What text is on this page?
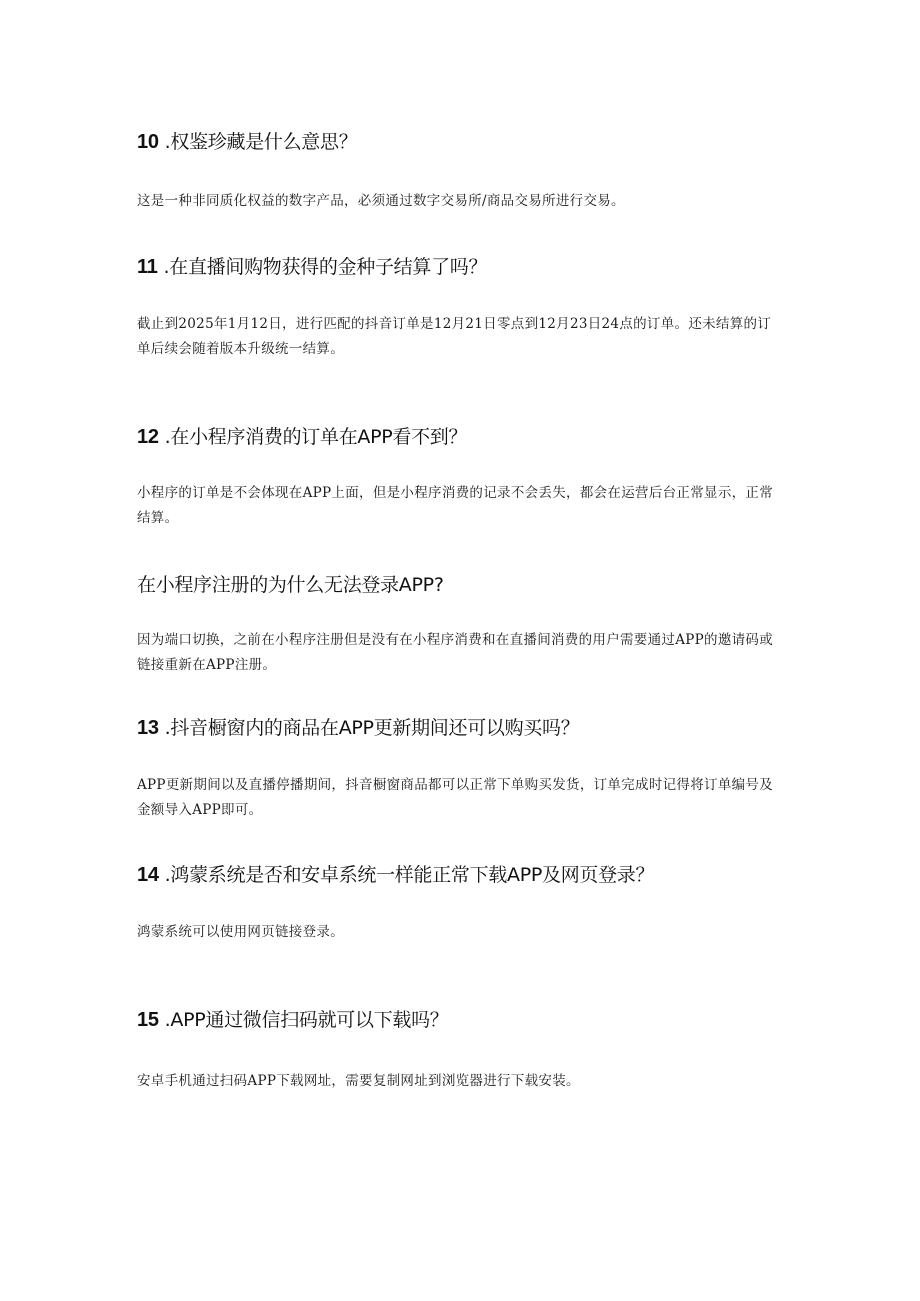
10 .权鉴珍藏是什么意思？

这是一种非同质化权益的数字产品，必须通过数字交易所/商品交易所进行交易。

11 .在直播间购物获得的金种子结算了吗？

截止到2025年1月12日，进行匹配的抖音订单是12月21日零点到12月23日24点的订单。还未结算的订单后续会随着版本升级统一结算。

12 .在小程序消费的订单在APP看不到？

小程序的订单是不会体现在APP上面，但是小程序消费的记录不会丢失，都会在运营后台正常显示，正常结算。

在小程序注册的为什么无法登录APP?

因为端口切换，之前在小程序注册但是没有在小程序消费和在直播间消费的用户需要通过APP的邀请码或链接重新在APP注册。

13 .抖音橱窗内的商品在APP更新期间还可以购买吗？

APP更新期间以及直播停播期间，抖音橱窗商品都可以正常下单购买发货，订单完成时记得将订单编号及金额导入APP即可。

14 .鸿蒙系统是否和安卓系统一样能正常下载APP及网页登录？

鸿蒙系统可以使用网页链接登录。

15 .APP通过微信扫码就可以下载吗？

安卓手机通过扫码APP下载网址，需要复制网址到浏览器进行下载安装。
